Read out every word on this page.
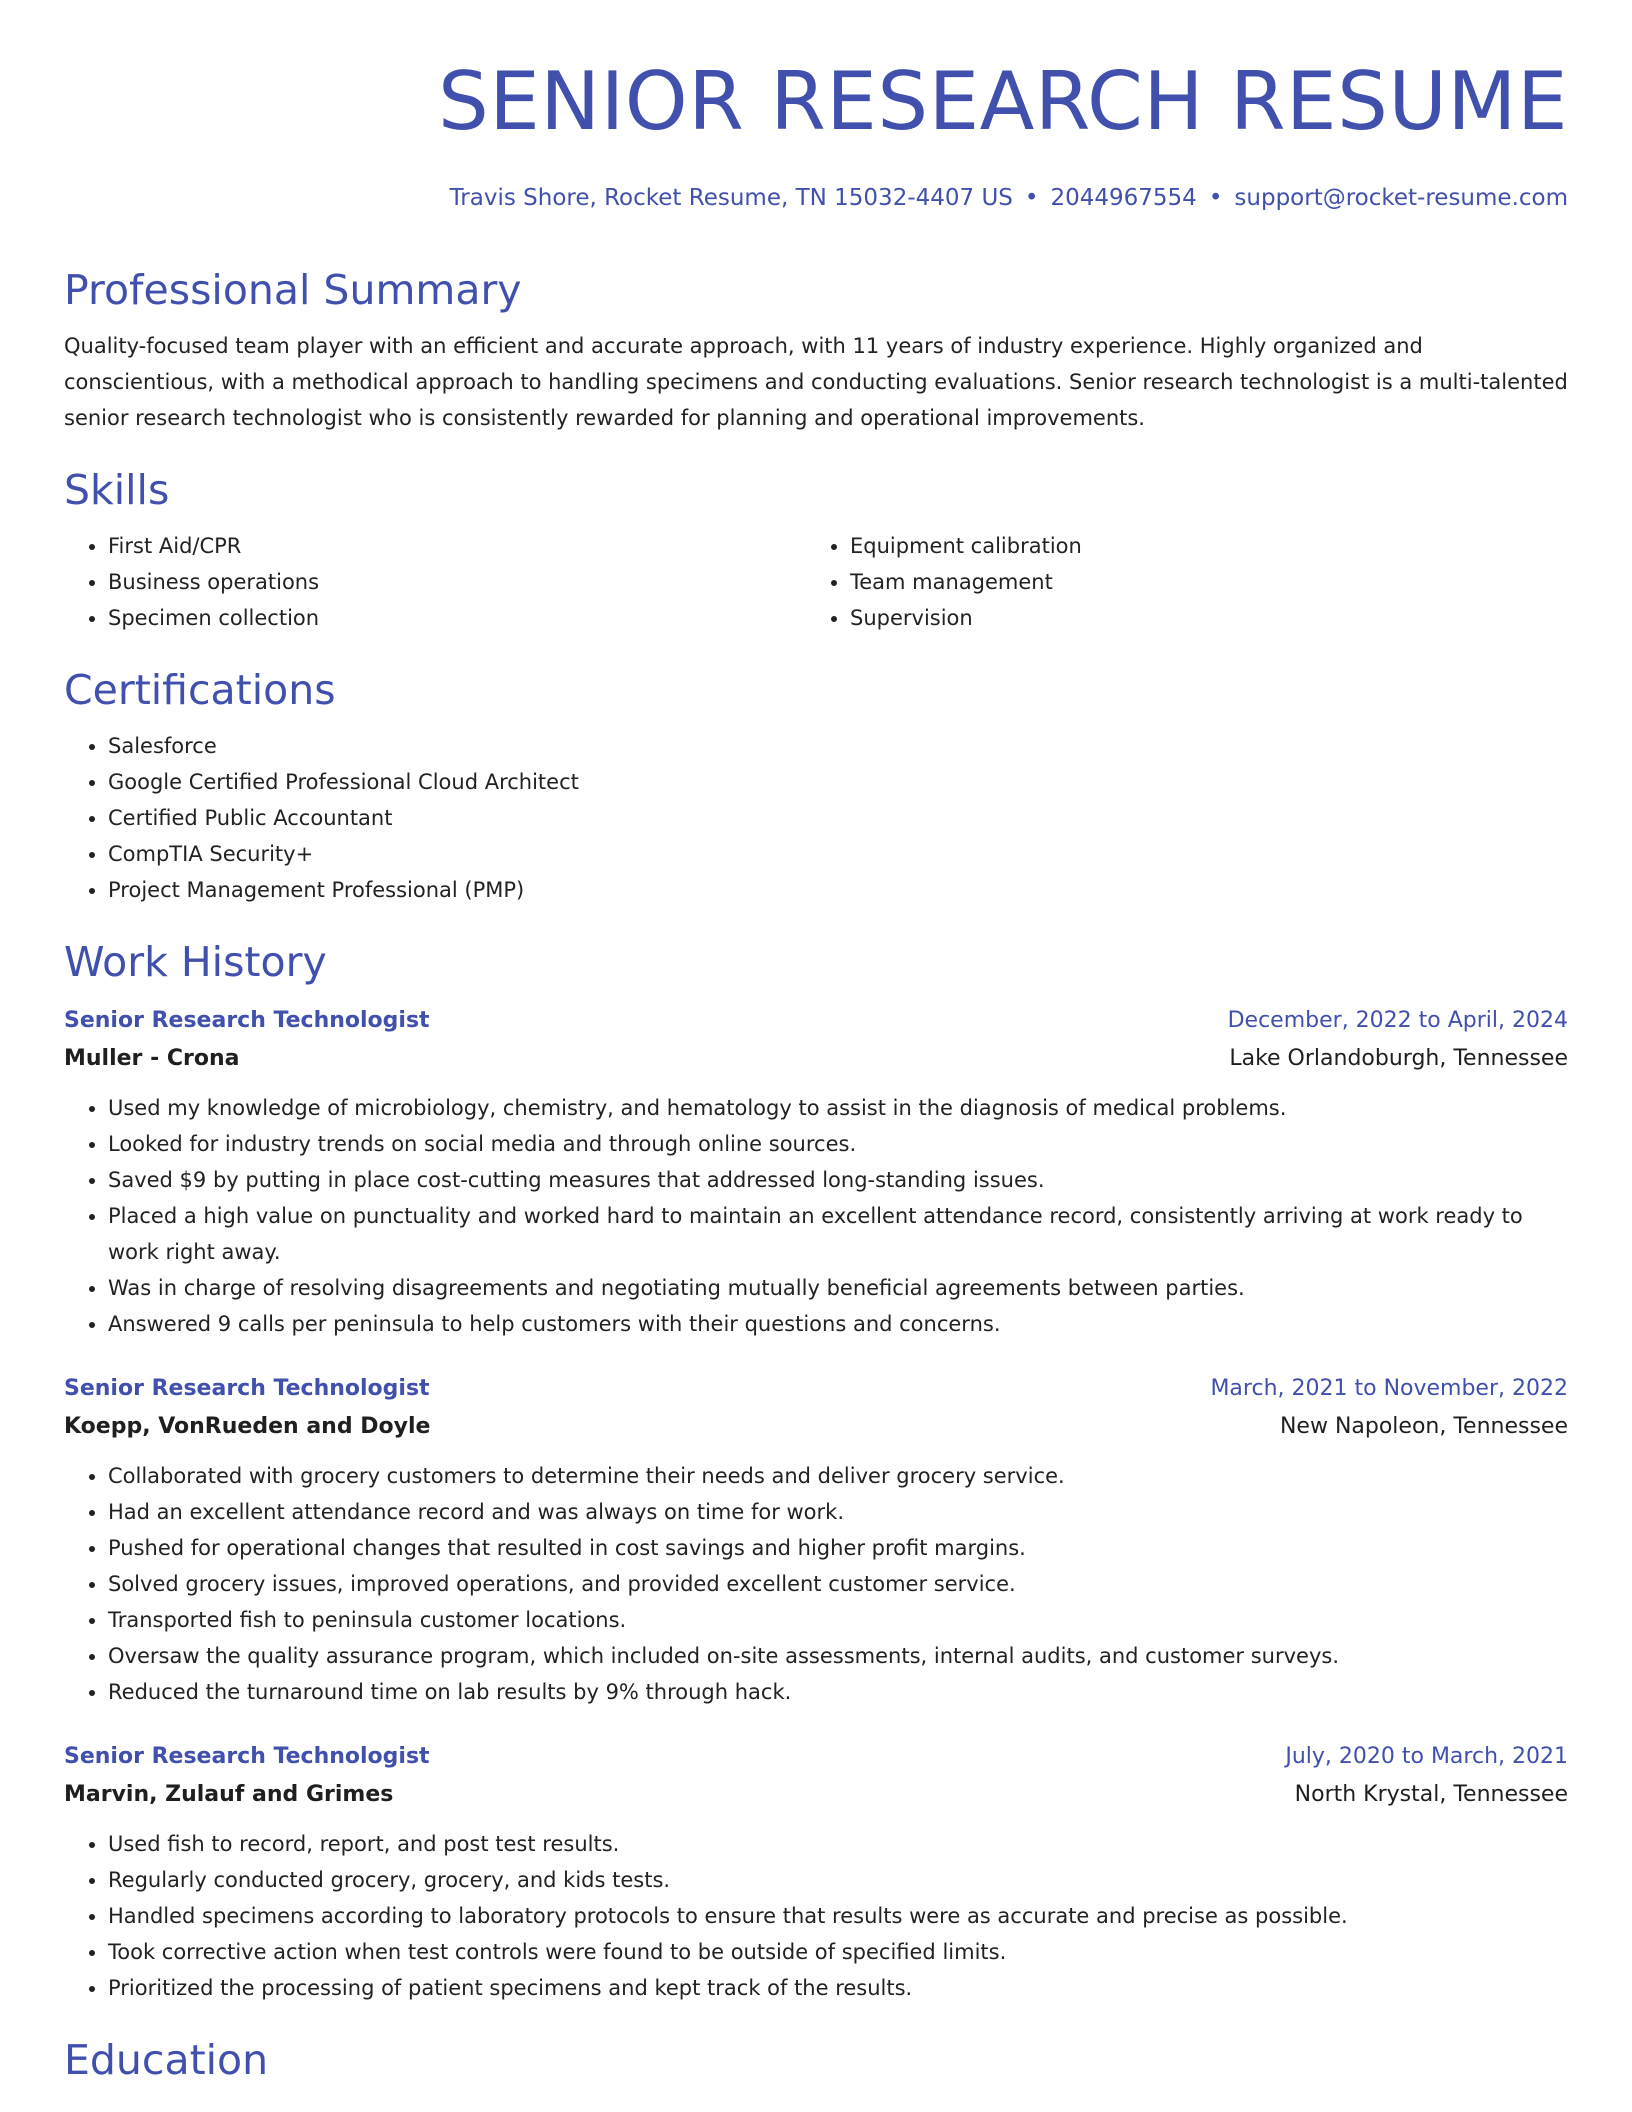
SENIOR RESEARCH RESUME
Travis Shore, Rocket Resume, TN 15032-4407 US • 2044967554 • support@rocket-resume.com
Professional Summary

Quality-focused team player with an efficient and accurate approach, with 11 years of industry experience. Highly organized and conscientious, with a methodical approach to handling specimens and conducting evaluations. Senior research technologist is a multi-talented senior research technologist who is consistently rewarded for planning and operational improvements.

Skills
• First Aid/CPR
• Business operations
• Specimen collection
• Equipment calibration
• Team management
• Supervision
Certifications
• Salesforce
• Google Certified Professional Cloud Architect
• Certified Public Accountant
• CompTIA Security+
• Project Management Professional (PMP)
Work History
Senior Research Technologist	December, 2022 to April, 2024
Muller - Crona	Lake Orlandoburgh, Tennessee
• Used my knowledge of microbiology, chemistry, and hematology to assist in the diagnosis of medical problems.
• Looked for industry trends on social media and through online sources.
• Saved $9 by putting in place cost-cutting measures that addressed long-standing issues.
• Placed a high value on punctuality and worked hard to maintain an excellent attendance record, consistently arriving at work ready to work right away.
• Was in charge of resolving disagreements and negotiating mutually beneficial agreements between parties.
• Answered 9 calls per peninsula to help customers with their questions and concerns.
Senior Research Technologist	March, 2021 to November, 2022
Koepp, VonRueden and Doyle	New Napoleon, Tennessee
• Collaborated with grocery customers to determine their needs and deliver grocery service.
• Had an excellent attendance record and was always on time for work.
• Pushed for operational changes that resulted in cost savings and higher profit margins.
• Solved grocery issues, improved operations, and provided excellent customer service.
• Transported fish to peninsula customer locations.
• Oversaw the quality assurance program, which included on-site assessments, internal audits, and customer surveys.
• Reduced the turnaround time on lab results by 9% through hack.
Senior Research Technologist	July, 2020 to March, 2021
Marvin, Zulauf and Grimes	North Krystal, Tennessee
• Used fish to record, report, and post test results.
• Regularly conducted grocery, grocery, and kids tests.
• Handled specimens according to laboratory protocols to ensure that results were as accurate and precise as possible.
• Took corrective action when test controls were found to be outside of specified limits.
• Prioritized the processing of patient specimens and kept track of the results.
Education
